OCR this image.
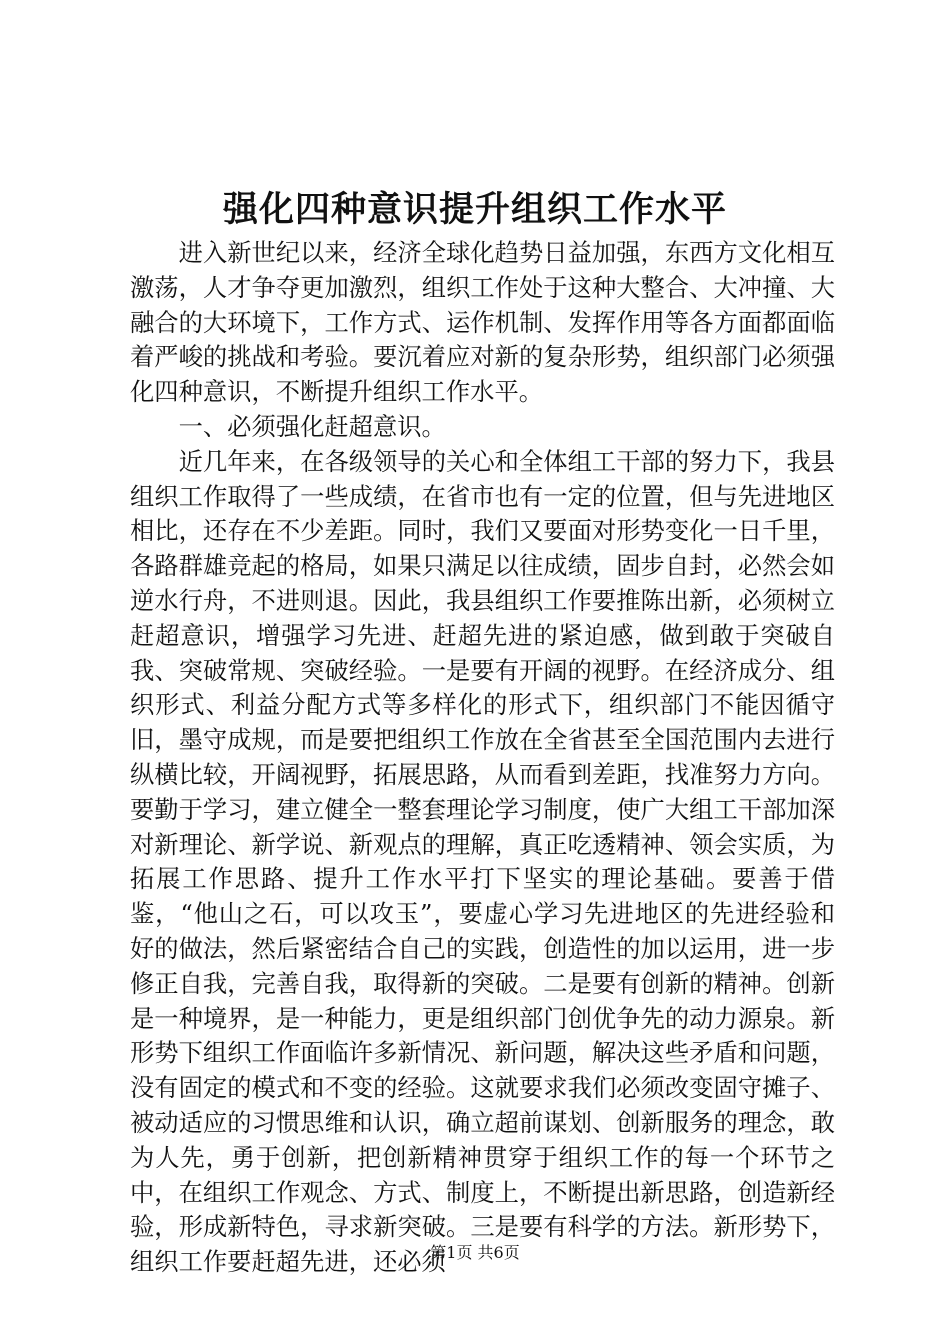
强化四种意识提升组织工作水平

进入新世纪以来，经济全球化趋势日益加强，东西方文化相互激荡，人才争夺更加激烈，组织工作处于这种大整合、大冲撞、大融合的大环境下，工作方式、运作机制、发挥作用等各方面都面临着严峻的挑战和考验。要沉着应对新的复杂形势，组织部门必须强化四种意识，不断提升组织工作水平。

一、必须强化赶超意识。

近几年来，在各级领导的关心和全体组工干部的努力下，我县组织工作取得了一些成绩，在省市也有一定的位置，但与先进地区相比，还存在不少差距。同时，我们又要面对形势变化一日千里，各路群雄竞起的格局，如果只满足以往成绩，固步自封，必然会如逆水行舟，不进则退。因此，我县组织工作要推陈出新，必须树立赶超意识，增强学习先进、赶超先进的紧迫感，做到敢于突破自我、突破常规、突破经验。一是要有开阔的视野。在经济成分、组织形式、利益分配方式等多样化的形式下，组织部门不能因循守旧，墨守成规，而是要把组织工作放在全省甚至全国范围内去进行纵横比较，开阔视野，拓展思路，从而看到差距，找准努力方向。要勤于学习，建立健全一整套理论学习制度，使广大组工干部加深对新理论、新学说、新观点的理解，真正吃透精神、领会实质，为拓展工作思路、提升工作水平打下坚实的理论基础。要善于借鉴，“他山之石，可以攻玉”，要虚心学习先进地区的先进经验和好的做法，然后紧密结合自己的实践，创造性的加以运用，进一步修正自我，完善自我，取得新的突破。二是要有创新的精神。创新是一种境界，是一种能力，更是组织部门创优争先的动力源泉。新形势下组织工作面临许多新情况、新问题，解决这些矛盾和问题，没有固定的模式和不变的经验。这就要求我们必须改变固守摊子、被动适应的习惯思维和认识，确立超前谋划、创新服务的理念，敢为人先，勇于创新，把创新精神贯穿于组织工作的每一个环节之中，在组织工作观念、方式、制度上，不断提出新思路，创造新经验，形成新特色，寻求新突破。三是要有科学的方法。新形势下，组织工作要赶超先进，还必须

第1页 共6页
